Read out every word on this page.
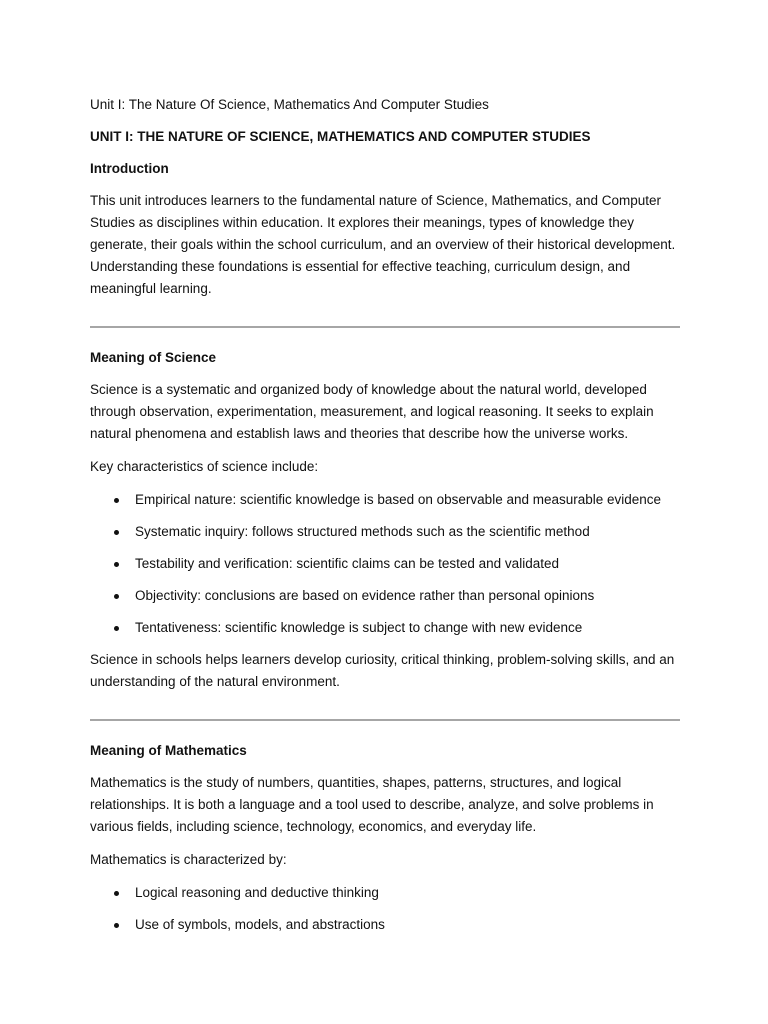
Unit I: The Nature Of Science, Mathematics And Computer Studies
UNIT I: THE NATURE OF SCIENCE, MATHEMATICS AND COMPUTER STUDIES
Introduction

This unit introduces learners to the fundamental nature of Science, Mathematics, and Computer Studies as disciplines within education. It explores their meanings, types of knowledge they generate, their goals within the school curriculum, and an overview of their historical development. Understanding these foundations is essential for effective teaching, curriculum design, and meaningful learning.

Meaning of Science

Science is a systematic and organized body of knowledge about the natural world, developed through observation, experimentation, measurement, and logical reasoning. It seeks to explain natural phenomena and establish laws and theories that describe how the universe works.

Key characteristics of science include:

Empirical nature: scientific knowledge is based on observable and measurable evidence
Systematic inquiry: follows structured methods such as the scientific method
Testability and verification: scientific claims can be tested and validated
Objectivity: conclusions are based on evidence rather than personal opinions
Tentativeness: scientific knowledge is subject to change with new evidence

Science in schools helps learners develop curiosity, critical thinking, problem-solving skills, and an understanding of the natural environment.

Meaning of Mathematics

Mathematics is the study of numbers, quantities, shapes, patterns, structures, and logical relationships. It is both a language and a tool used to describe, analyze, and solve problems in various fields, including science, technology, economics, and everyday life.

Mathematics is characterized by:

Logical reasoning and deductive thinking
Use of symbols, models, and abstractions
